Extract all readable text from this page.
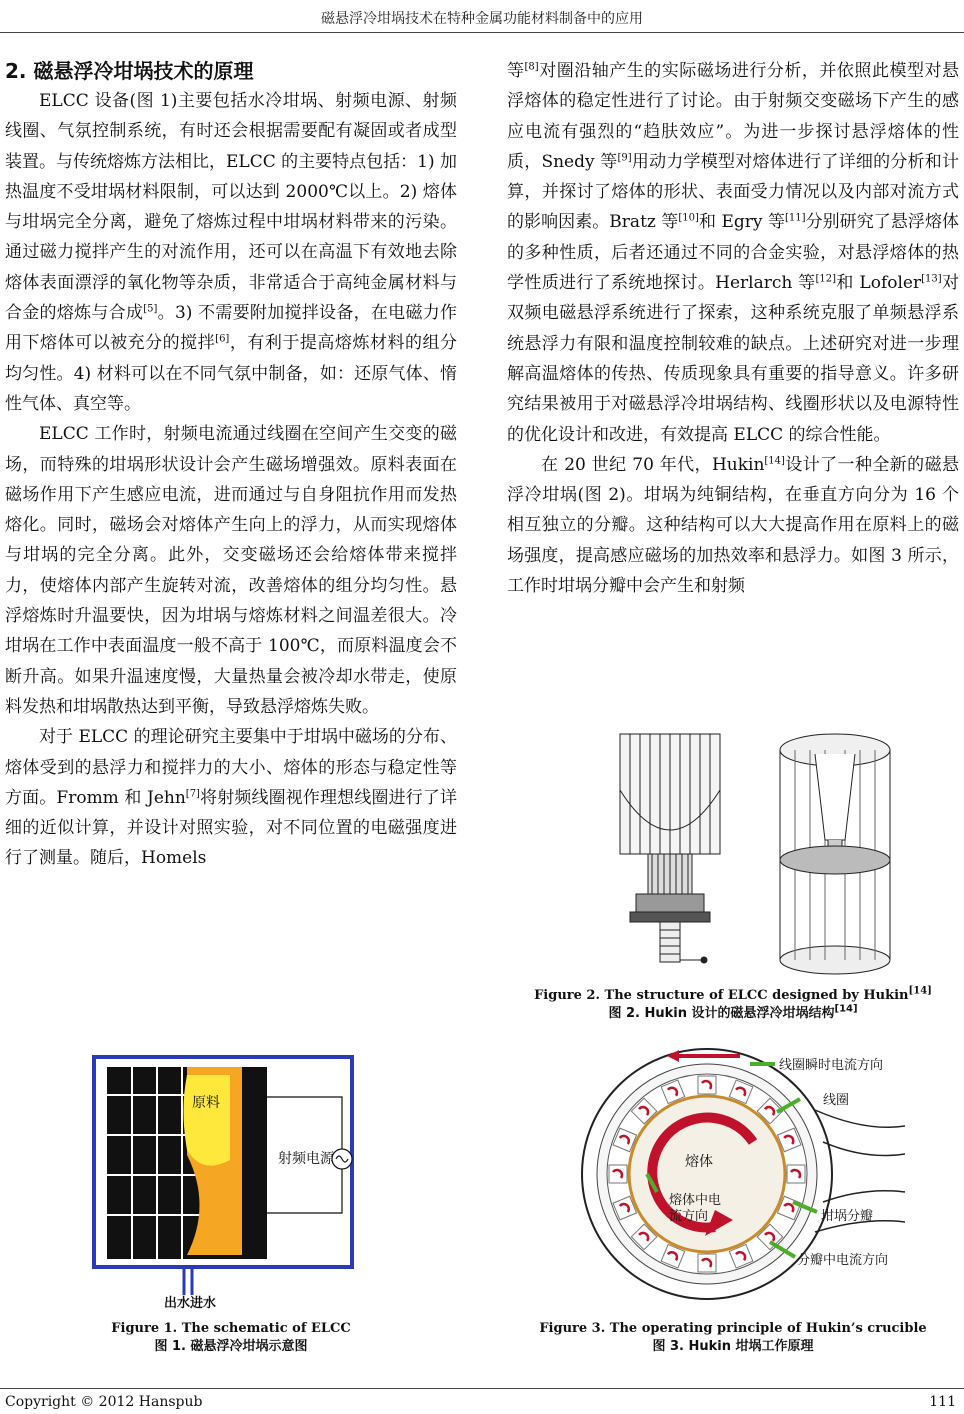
磁悬浮冷坩埚技术在特种金属功能材料制备中的应用

2. 磁悬浮冷坩埚技术的原理

ELCC 设备(图 1)主要包括水冷坩埚、射频电源、射频线圈、气氛控制系统，有时还会根据需要配有凝固或者成型装置。与传统熔炼方法相比，ELCC 的主要特点包括：1) 加热温度不受坩埚材料限制，可以达到 2000℃以上。2) 熔体与坩埚完全分离，避免了熔炼过程中坩埚材料带来的污染。通过磁力搅拌产生的对流作用，还可以在高温下有效地去除熔体表面漂浮的氧化物等杂质，非常适合于高纯金属材料与合金的熔炼与合成[5]。3) 不需要附加搅拌设备，在电磁力作用下熔体可以被充分的搅拌[6]，有利于提高熔炼材料的组分均匀性。4) 材料可以在不同气氛中制备，如：还原气体、惰性气体、真空等。

ELCC 工作时，射频电流通过线圈在空间产生交变的磁场，而特殊的坩埚形状设计会产生磁场增强效。原料表面在磁场作用下产生感应电流，进而通过与自身阻抗作用而发热熔化。同时，磁场会对熔体产生向上的浮力，从而实现熔体与坩埚的完全分离。此外，交变磁场还会给熔体带来搅拌力，使熔体内部产生旋转对流，改善熔体的组分均匀性。悬浮熔炼时升温要快，因为坩埚与熔炼材料之间温差很大。冷坩埚在工作中表面温度一般不高于 100℃，而原料温度会不断升高。如果升温速度慢，大量热量会被冷却水带走，使原料发热和坩埚散热达到平衡，导致悬浮熔炼失败。

对于 ELCC 的理论研究主要集中于坩埚中磁场的分布、熔体受到的悬浮力和搅拌力的大小、熔体的形态与稳定性等方面。Fromm 和 Jehn[7]将射频线圈视作理想线圈进行了详细的近似计算，并设计对照实验，对不同位置的电磁强度进行了测量。随后，Homels

等[8]对圈沿轴产生的实际磁场进行分析，并依照此模型对悬浮熔体的稳定性进行了讨论。由于射频交变磁场下产生的感应电流有强烈的“趋肤效应”。为进一步探讨悬浮熔体的性质，Snedy 等[9]用动力学模型对熔体进行了详细的分析和计算，并探讨了熔体的形状、表面受力情况以及内部对流方式的影响因素。Bratz 等[10]和 Egry 等[11]分别研究了悬浮熔体的多种性质，后者还通过不同的合金实验，对悬浮熔体的热学性质进行了系统地探讨。Herlarch 等[12]和 Lofoler[13]对双频电磁悬浮系统进行了探索，这种系统克服了单频悬浮系统悬浮力有限和温度控制较难的缺点。上述研究对进一步理解高温熔体的传热、传质现象具有重要的指导意义。许多研究结果被用于对磁悬浮冷坩埚结构、线圈形状以及电源特性的优化设计和改进，有效提高 ELCC 的综合性能。

在 20 世纪 70 年代，Hukin[14]设计了一种全新的磁悬浮冷坩埚(图 2)。坩埚为纯铜结构，在垂直方向分为 16 个相互独立的分瓣。这种结构可以大大提高作用在原料上的磁场强度，提高感应磁场的加热效率和悬浮力。如图 3 所示，工作时坩埚分瓣中会产生和射频

Figure 2. The structure of ELCC designed by Hukin[14]
图 2. Hukin 设计的磁悬浮冷坩埚结构[14]
原料
出水进水
射频电源
Figure 1. The schematic of ELCC
图 1. 磁悬浮冷坩埚示意图
熔体
熔体中电
流方向
线圈瞬时电流方向
线圈
坩埚分瓣
分瓣中电流方向
Figure 3. The operating principle of Hukin’s crucible
图 3. Hukin 坩埚工作原理
Copyright © 2012 Hanspub	111
